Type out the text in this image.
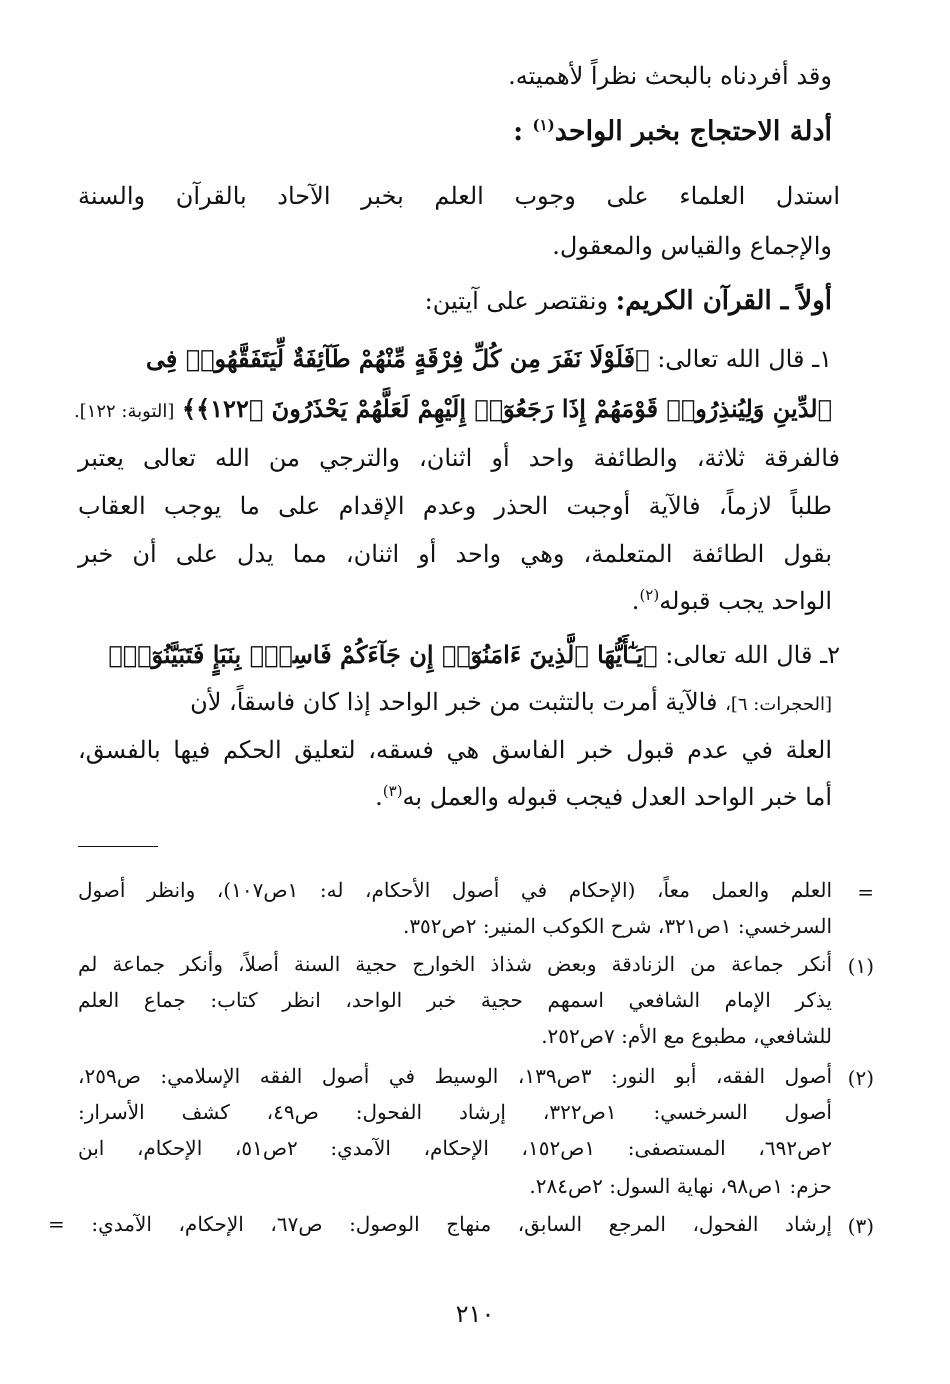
وقد أفردناه بالبحث نظراً لأهميته.
أدلة الاحتجاج بخبر الواحد$^{(١)}$ :
استدل العلماء على وجوب العلم بخبر الآحاد بالقرآن والسنة
والإجماع والقياس والمعقول.
أولاً ـ القرآن الكريم: ونقتصر على آيتين:
١ـ قال الله تعالى: ﴿فَلَوْلَا نَفَرَ مِن كُلِّ فِرْقَةٍ مِّنْهُمْ طَآئِفَةٌ لِّيَتَفَقَّهُوا۟ فِى
ٱلدِّينِ وَلِيُنذِرُوا۟ قَوْمَهُمْ إِذَا رَجَعُوٓا۟ إِلَيْهِمْ لَعَلَّهُمْ يَحْذَرُونَ ﴿١٢٢﴾﴾ [التوبة: ١٢٢].
فالفرقة ثلاثة، والطائفة واحد أو اثنان، والترجي من الله تعالى يعتبر
طلباً لازماً، فالآية أوجبت الحذر وعدم الإقدام على ما يوجب العقاب
بقول الطائفة المتعلمة، وهي واحد أو اثنان، مما يدل على أن خبر
الواحد يجب قبوله$^{(٢)}$.
٢ـ قال الله تعالى: ﴿يَـٰٓأَيُّهَا ٱلَّذِينَ ءَامَنُوٓا۟ إِن جَآءَكُمْ فَاسِقٌۢ بِنَبَإٍ فَتَبَيَّنُوٓا۟﴾
[الحجرات: ٦]، فالآية أمرت بالتثبت من خبر الواحد إذا كان فاسقاً، لأن
العلة في عدم قبول خبر الفاسق هي فسقه، لتعليق الحكم فيها بالفسق،
أما خبر الواحد العدل فيجب قبوله والعمل به$^{(٣)}$.
=
العلم والعمل معاً، (الإحكام في أصول الأحكام، له: ١ص١٠٧)، وانظر أصول
السرخسي: ١ص٣٢١، شرح الكوكب المنير: ٢ص٣٥٢.
(١)
أنكر جماعة من الزنادقة وبعض شذاذ الخوارج حجية السنة أصلاً، وأنكر جماعة لم
يذكر الإمام الشافعي اسمهم حجية خبر الواحد، انظر كتاب: جماع العلم
للشافعي، مطبوع مع الأم: ٧ص٢٥٢.
(٢)
أصول الفقه، أبو النور: ٣ص١٣٩، الوسيط في أصول الفقه الإسلامي: ص٢٥٩،
أصول السرخسي: ١ص٣٢٢، إرشاد الفحول: ص٤٩، كشف الأسرار:
٢ص٦٩٢، المستصفى: ١ص١٥٢، الإحكام، الآمدي: ٢ص٥١، الإحكام، ابن
حزم: ١ص٩٨، نهاية السول: ٢ص٢٨٤.
(٣)
إرشاد الفحول، المرجع السابق، منهاج الوصول: ص٦٧، الإحكام، الآمدي: =
٢١٠
